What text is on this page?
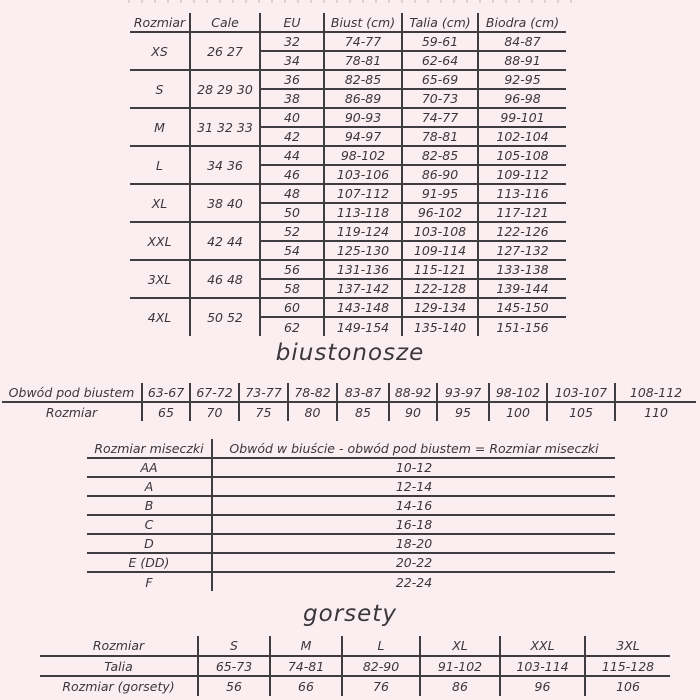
Rozmiar	Cale	EU	Biust (cm)	Talia (cm)	Biodra (cm)
XS	26 27	32	74-77	59-61	84-87
		34	78-81	62-64	88-91
S	28 29 30	36	82-85	65-69	92-95
		38	86-89	70-73	96-98
M	31 32 33	40	90-93	74-77	99-101
		42	94-97	78-81	102-104
L	34 36	44	98-102	82-85	105-108
		46	103-106	86-90	109-112
XL	38 40	48	107-112	91-95	113-116
		50	113-118	96-102	117-121
XXL	42 44	52	119-124	103-108	122-126
		54	125-130	109-114	127-132
3XL	46 48	56	131-136	115-121	133-138
		58	137-142	122-128	139-144
4XL	50 52	60	143-148	129-134	145-150
		62	149-154	135-140	151-156
biustonosze
Obwód pod biustem	63-67	67-72	73-77	78-82	83-87	88-92	93-97	98-102	103-107	108-112
Rozmiar	65	70	75	80	85	90	95	100	105	110
Rozmiar miseczki	Obwód w biuście - obwód pod biustem = Rozmiar miseczki
AA	10-12
A	12-14
B	14-16
C	16-18
D	18-20
E (DD)	20-22
F	22-24
gorsety
Rozmiar	S	M	L	XL	XXL	3XL
Talia	65-73	74-81	82-90	91-102	103-114	115-128
Rozmiar (gorsety)	56	66	76	86	96	106
